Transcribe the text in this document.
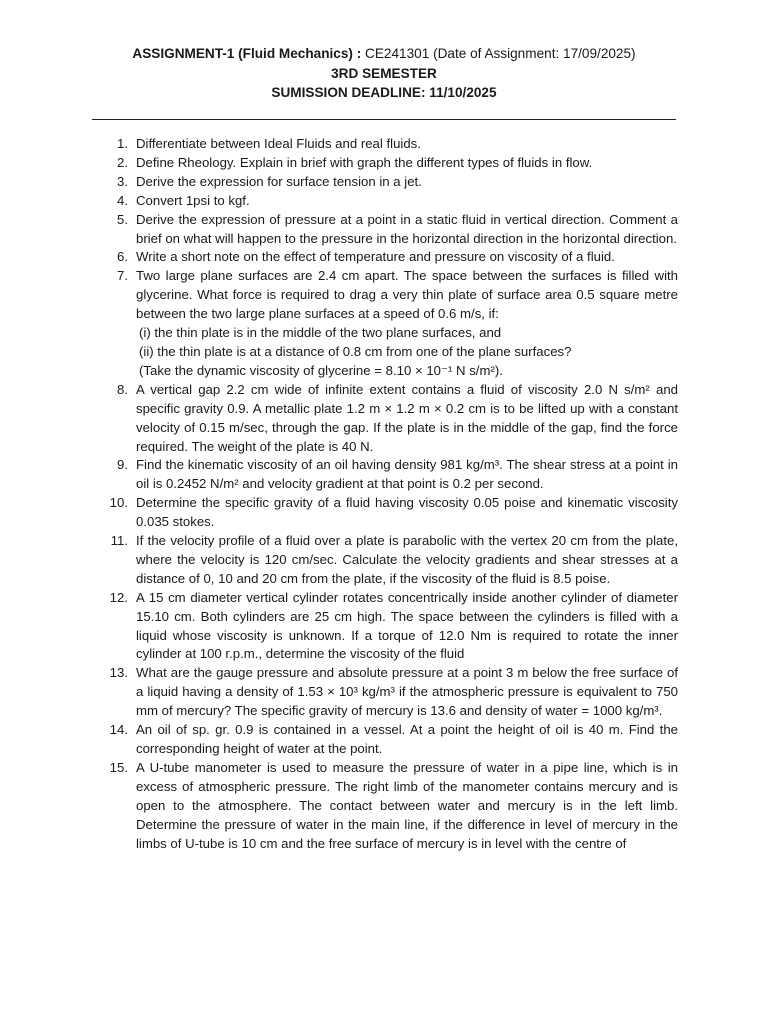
ASSIGNMENT-1 (Fluid Mechanics) : CE241301 (Date of Assignment: 17/09/2025)
3RD SEMESTER
SUMISSION DEADLINE: 11/10/2025
1. Differentiate between Ideal Fluids and real fluids.
2. Define Rheology. Explain in brief with graph the different types of fluids in flow.
3. Derive the expression for surface tension in a jet.
4. Convert 1psi to kgf.
5. Derive the expression of pressure at a point in a static fluid in vertical direction. Comment a brief on what will happen to the pressure in the horizontal direction in the horizontal direction.
6. Write a short note on the effect of temperature and pressure on viscosity of a fluid.
7. Two large plane surfaces are 2.4 cm apart. The space between the surfaces is filled with glycerine. What force is required to drag a very thin plate of surface area 0.5 square metre between the two large plane surfaces at a speed of 0.6 m/s, if:
(i) the thin plate is in the middle of the two plane surfaces, and
(ii) the thin plate is at a distance of 0.8 cm from one of the plane surfaces?
(Take the dynamic viscosity of glycerine = 8.10 × 10⁻¹ N s/m²).
8. A vertical gap 2.2 cm wide of infinite extent contains a fluid of viscosity 2.0 N s/m² and specific gravity 0.9. A metallic plate 1.2 m × 1.2 m × 0.2 cm is to be lifted up with a constant velocity of 0.15 m/sec, through the gap. If the plate is in the middle of the gap, find the force required. The weight of the plate is 40 N.
9. Find the kinematic viscosity of an oil having density 981 kg/m³. The shear stress at a point in oil is 0.2452 N/m² and velocity gradient at that point is 0.2 per second.
10. Determine the specific gravity of a fluid having viscosity 0.05 poise and kinematic viscosity 0.035 stokes.
11. If the velocity profile of a fluid over a plate is parabolic with the vertex 20 cm from the plate, where the velocity is 120 cm/sec. Calculate the velocity gradients and shear stresses at a distance of 0, 10 and 20 cm from the plate, if the viscosity of the fluid is 8.5 poise.
12. A 15 cm diameter vertical cylinder rotates concentrically inside another cylinder of diameter 15.10 cm. Both cylinders are 25 cm high. The space between the cylinders is filled with a liquid whose viscosity is unknown. If a torque of 12.0 Nm is required to rotate the inner cylinder at 100 r.p.m., determine the viscosity of the fluid
13. What are the gauge pressure and absolute pressure at a point 3 m below the free surface of a liquid having a density of 1.53 × 10³ kg/m³ if the atmospheric pressure is equivalent to 750 mm of mercury? The specific gravity of mercury is 13.6 and density of water = 1000 kg/m³.
14. An oil of sp. gr. 0.9 is contained in a vessel. At a point the height of oil is 40 m. Find the corresponding height of water at the point.
15. A U-tube manometer is used to measure the pressure of water in a pipe line, which is in excess of atmospheric pressure. The right limb of the manometer contains mercury and is open to the atmosphere. The contact between water and mercury is in the left limb. Determine the pressure of water in the main line, if the difference in level of mercury in the limbs of U-tube is 10 cm and the free surface of mercury is in level with the centre of
